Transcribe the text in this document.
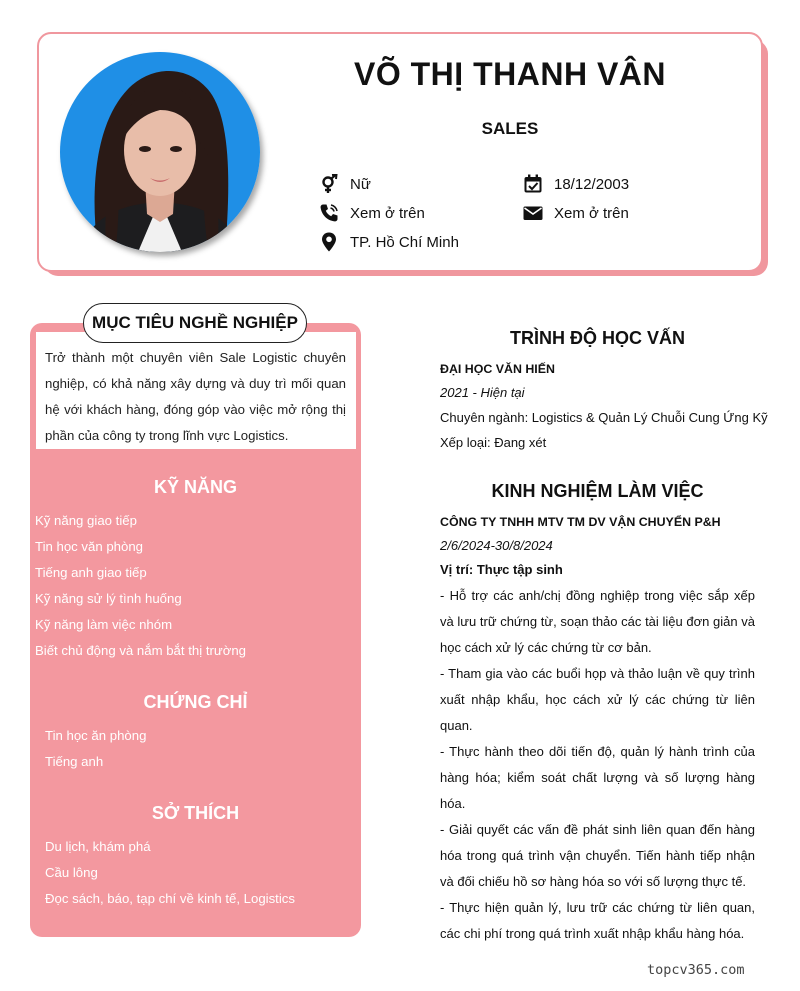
VÕ THỊ THANH VÂN
SALES
Nữ	18/12/2003
Xem ở trên	Xem ở trên
TP. Hồ Chí Minh
Trở thành một chuyên viên Sale Logistic chuyên nghiệp, có khả năng xây dựng và duy trì mối quan hệ với khách hàng, đóng góp vào việc mở rộng thị phần của công ty trong lĩnh vực Logistics.
MỤC TIÊU NGHỀ NGHIỆP
KỸ NĂNG
Kỹ năng giao tiếp
Tin học văn phòng
Tiếng anh giao tiếp
Kỹ năng sử lý tình huống
Kỹ năng làm việc nhóm
Biết chủ động và nắm bắt thị trường
CHỨNG CHỈ
Tin học ăn phòng
Tiếng anh
SỞ THÍCH
Du lịch, khám phá
Cầu lông
Đọc sách, báo, tạp chí về kinh tế, Logistics
TRÌNH ĐỘ HỌC VẤN
ĐẠI HỌC VĂN HIẾN
2021 - Hiện tại
Chuyên ngành: Logistics & Quản Lý Chuỗi Cung Ứng Kỹ
Xếp loại: Đang xét
KINH NGHIỆM LÀM VIỆC
CÔNG TY TNHH MTV TM DV VẬN CHUYỂN P&H
2/6/2024-30/8/2024
Vị trí: Thực tập sinh

- Hỗ trợ các anh/chị đồng nghiệp trong việc sắp xếp và lưu trữ chứng từ, soạn thảo các tài liệu đơn giản và học cách xử lý các chứng từ cơ bản.

- Tham gia vào các buổi họp và thảo luận về quy trình xuất nhập khẩu, học cách xử lý các chứng từ liên quan.

- Thực hành theo dõi tiến độ, quản lý hành trình của hàng hóa; kiểm soát chất lượng và số lượng hàng hóa.

- Giải quyết các vấn đề phát sinh liên quan đến hàng hóa trong quá trình vận chuyển. Tiến hành tiếp nhận và đối chiếu hồ sơ hàng hóa so với số lượng thực tế.

- Thực hiện quản lý, lưu trữ các chứng từ liên quan, các chi phí trong quá trình xuất nhập khẩu hàng hóa.

topcv365.com
